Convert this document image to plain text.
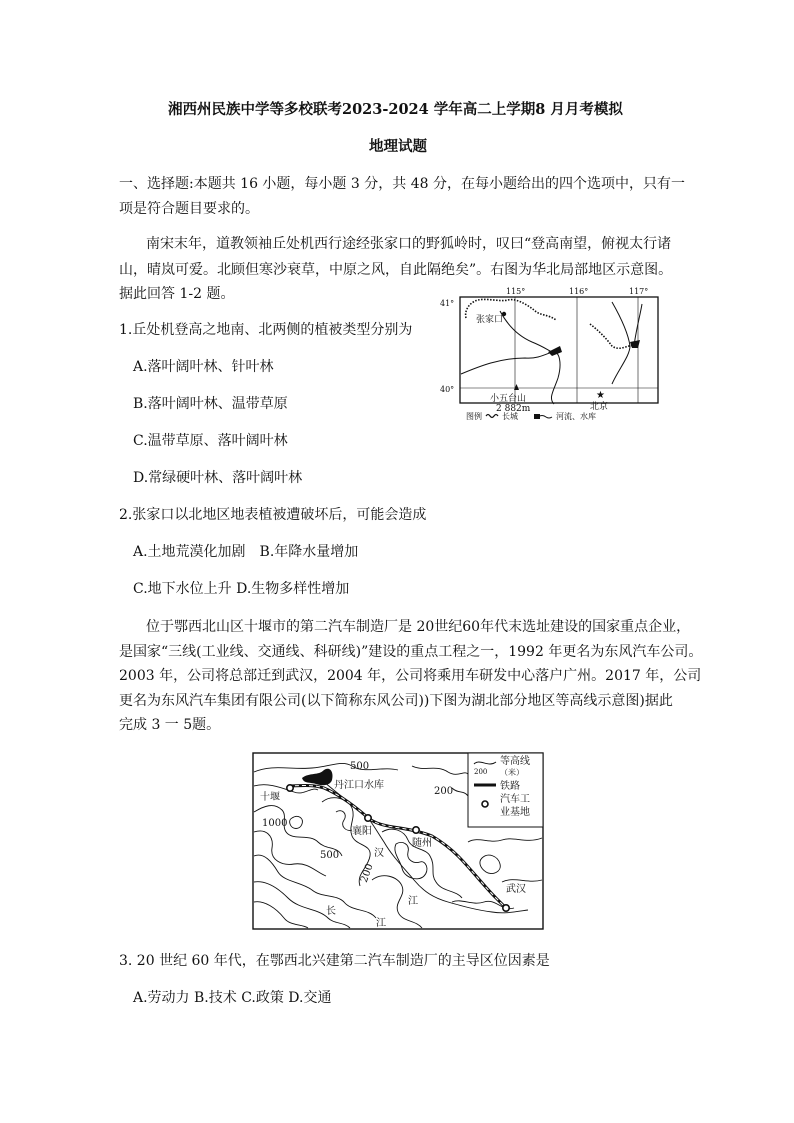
湘西州民族中学等多校联考2023-2024 学年高二上学期8 月月考模拟
地理试题
一、选择题:本题共 16 小题，每小题 3 分，共 48 分，在每小题给出的四个选项中，只有一
项是符合题目要求的。
南宋末年，道教领袖丘处机西行途经张家口的野狐岭时，叹曰“登高南望，俯视太行诸
山，晴岚可爱。北顾但寒沙衰草，中原之风，自此隔绝矣”。右图为华北局部地区示意图。
据此回答 1-2 题。
1.丘处机登高之地南、北两侧的植被类型分别为
A.落叶阔叶林、针叶林
B.落叶阔叶林、温带草原
C.温带草原、落叶阔叶林
D.常绿硬叶林、落叶阔叶林
2.张家口以北地区地表植被遭破坏后，可能会造成
A.土地荒漠化加剧　B.年降水量增加
C.地下水位上升 D.生物多样性增加
位于鄂西北山区十堰市的第二汽车制造厂是 20世纪60年代末选址建设的国家重点企业，
是国家“三线(工业线、交通线、科研线)”建设的重点工程之一，1992 年更名为东风汽车公司。
2003 年，公司将总部迁到武汉，2004 年，公司将乘用车研发中心落户广州。2017 年，公司
更名为东风汽车集团有限公司(以下简称东风公司))下图为湖北部分地区等高线示意图)据此
完成 3 一 5题。
3. 20 世纪 60 年代，在鄂西北兴建第二汽车制造厂的主导区位因素是
A.劳动力 B.技术 C.政策 D.交通
115°	116°	117°
41°
40°
张家口
小五台山
2 882m
★
北京
图例	长城	河流、水库
500
200
1000
500
200
十堰
丹江口水库
襄阳
随州
武汉
汉
江
长
江
200
等高线
（米）
铁路
汽车工
业基地
